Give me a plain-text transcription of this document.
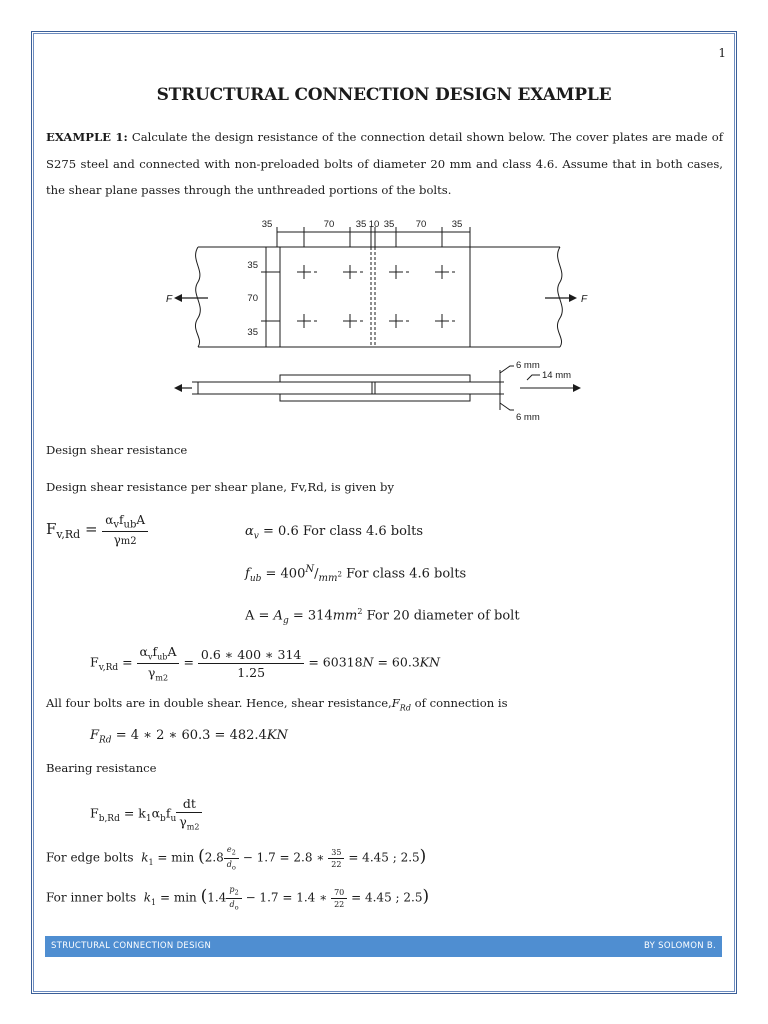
1
STRUCTURAL CONNECTION DESIGN EXAMPLE
EXAMPLE 1: Calculate the design resistance of the connection detail shown below. The cover plates are made of S275 steel and connected with non-preloaded bolts of diameter 20 mm and class 4.6. Assume that in both cases, the shear plane passes through the unthreaded portions of the bolts.
35	70 35 10 35 70	35
35
70
35
F	F
6 mm
14 mm
6 mm
Design shear resistance
Design shear resistance per shear plane, Fv,Rd, is given by
$F_{v,Rd} = \frac{\alpha_vf_{ub}A}{\gamma m2}$	$\alpha_v = 0.6$ For class 4.6 bolts
$f_{ub} = 400^N/_{mm^2}$ For class 4.6 bolts
$A = A_g = 314mm^2$ For 20 diameter of bolt
$F_{v,Rd} = \frac{\alpha_vf_{ub}A}{\gamma_{m2}} = \frac{0.6 ∗ 400 ∗ 314}{1.25} = 60318N = 60.3KN$
All four bolts are in double shear. Hence, shear $resistance,F_{Rd}$ of connection is
$F_{Rd} = 4$ ∗ 2 ∗ 60.3 = 482.4KN
Bearing resistance
$F_{b,Rd} = k_1\alpha_bf_u \frac{dt}{\gamma_{m2}}$
For edge bolts $k_1 = \min (2.8 \frac{e_2}{d_o} - 1.7 = 2.8$ ∗ $\frac{35}{22} = 4.45$ ; 2.5)
For inner bolts $k_1 = \min (1.4 \frac{p_2}{d_o} - 1.7 = 1.4$ ∗ $\frac{70}{22} = 4.45$ ; 2.5)
STRUCTURAL CONNECTION DESIGN	BY SOLOMON B.
